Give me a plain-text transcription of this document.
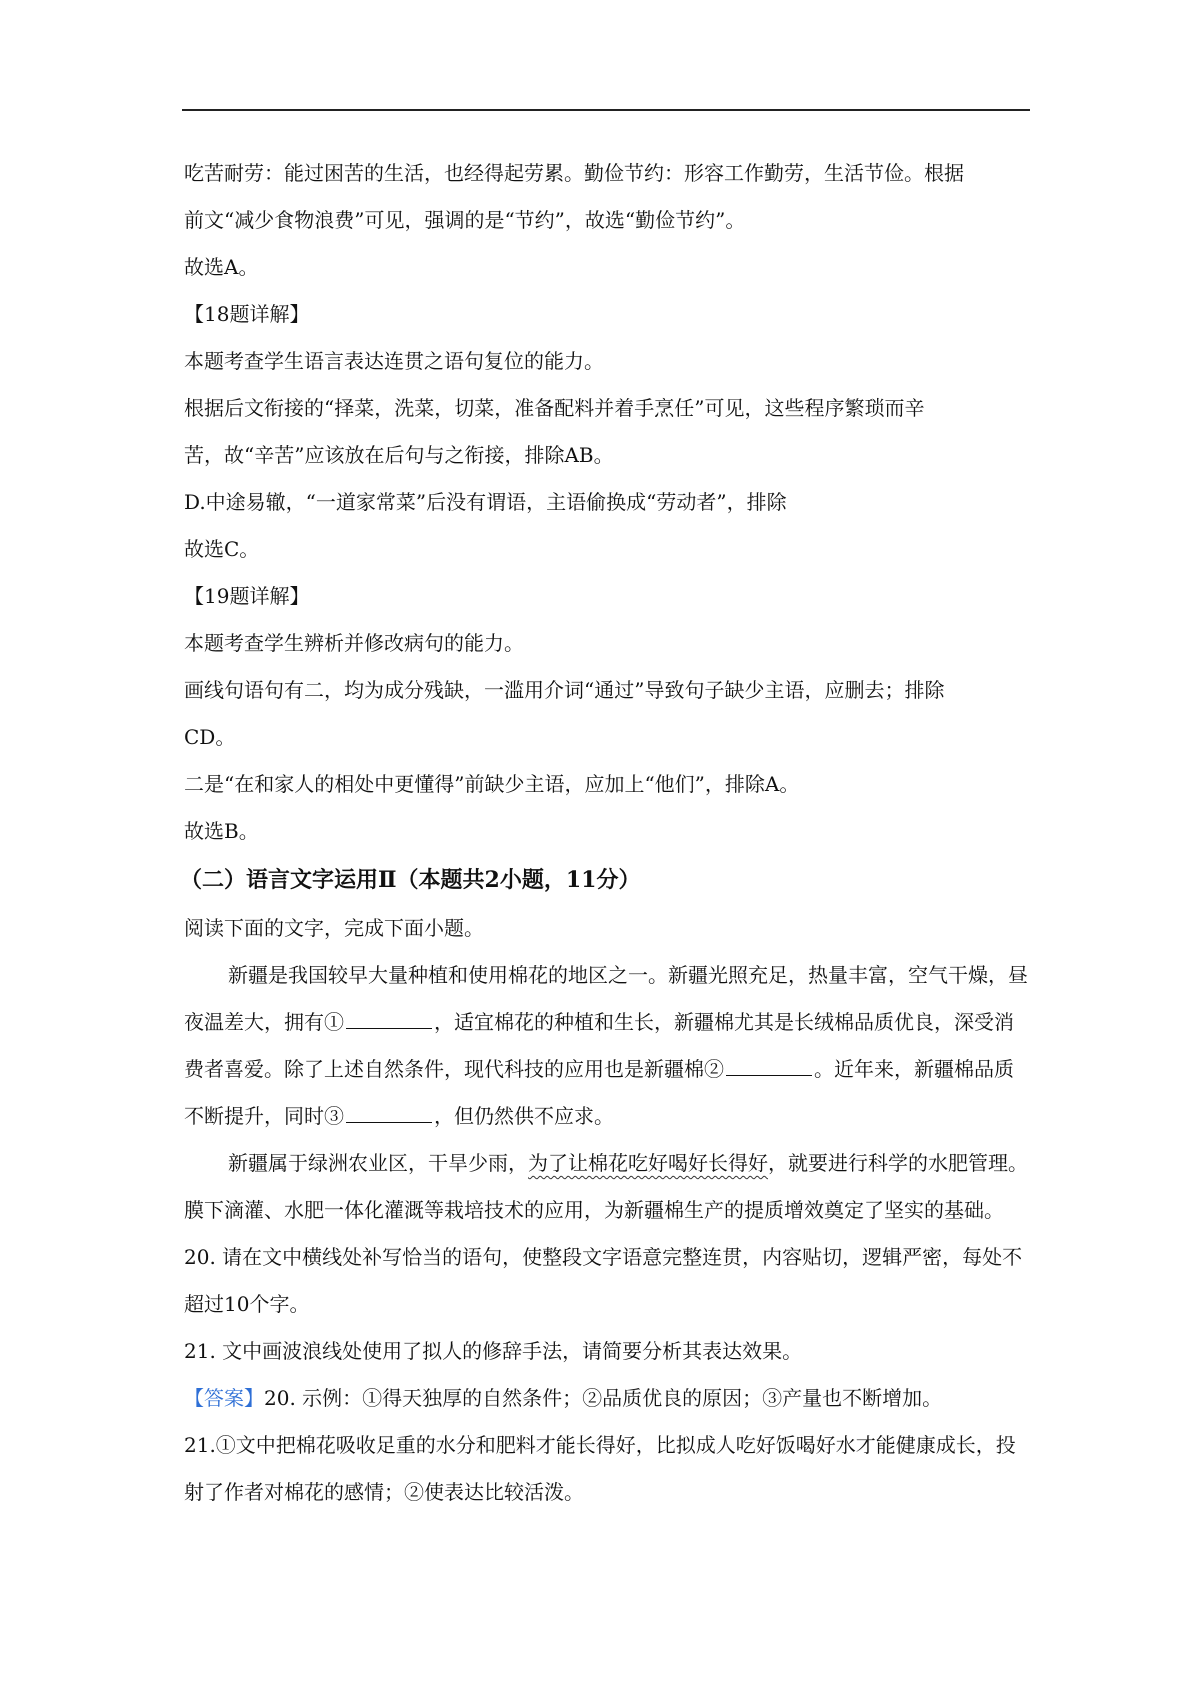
吃苦耐劳：能过困苦的生活，也经得起劳累。勤俭节约：形容工作勤劳，生活节俭。根据
前文“减少食物浪费”可见，强调的是“节约”，故选“勤俭节约”。
故选A。
【18题详解】
本题考查学生语言表达连贯之语句复位的能力。
根据后文衔接的“择菜，洗菜，切菜，准备配料并着手烹任”可见，这些程序繁琐而辛
苦，故“辛苦”应该放在后句与之衔接，排除AB。
D.中途易辙，“一道家常菜”后没有谓语，主语偷换成“劳动者”，排除
故选C。
【19题详解】
本题考查学生辨析并修改病句的能力。
画线句语句有二，均为成分残缺，一滥用介词“通过”导致句子缺少主语，应删去；排除
CD。
二是“在和家人的相处中更懂得”前缺少主语，应加上“他们”，排除A。
故选B。
（二）语言文字运用Ⅱ（本题共2小题，11分）
阅读下面的文字，完成下面小题。
新疆是我国较早大量种植和使用棉花的地区之一。新疆光照充足，热量丰富，空气干燥，昼夜温差大，拥有①	，适宜棉花的种植和生长，新疆棉尤其是长绒棉品质优良，深受消费者喜爱。除了上述自然条件，现代科技的应用也是新疆棉②	。近年来，新疆棉品质不断提升，同时③	，但仍然供不应求。
新疆属于绿洲农业区，干旱少雨，为了让棉花吃好喝好长得好，就要进行科学的水肥管理。膜下滴灌、水肥一体化灌溉等栽培技术的应用，为新疆棉生产的提质增效奠定了坚实的基础。
20. 请在文中横线处补写恰当的语句，使整段文字语意完整连贯，内容贴切，逻辑严密，每处不超过10个字。
21. 文中画波浪线处使用了拟人的修辞手法，请简要分析其表达效果。
【答案】20. 示例：①得天独厚的自然条件；②品质优良的原因；③产量也不断增加。
21.①文中把棉花吸收足重的水分和肥料才能长得好，比拟成人吃好饭喝好水才能健康成长，投射了作者对棉花的感情；②使表达比较活泼。
